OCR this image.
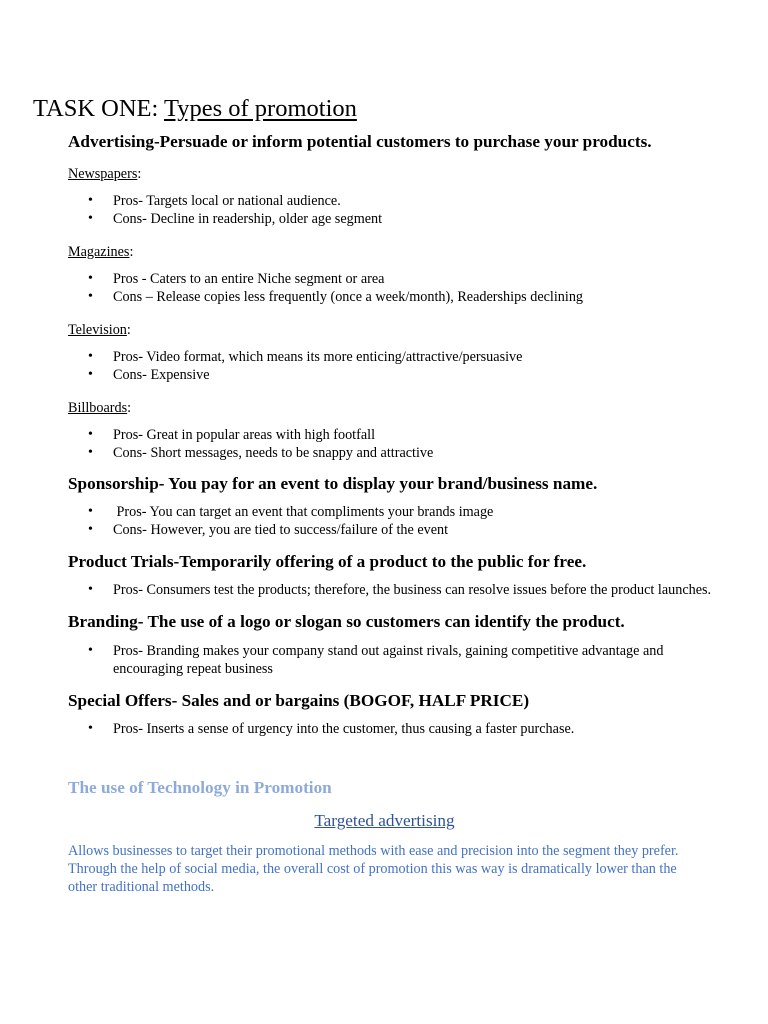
TASK ONE: Types of promotion

Advertising-Persuade or inform potential customers to purchase your products.

Newspapers:

• Pros- Targets local or national audience.
• Cons- Decline in readership, older age segment

Magazines:

• Pros - Caters to an entire Niche segment or area
• Cons – Release copies less frequently (once a week/month), Readerships declining

Television:

• Pros- Video format, which means its more enticing/attractive/persuasive
• Cons- Expensive

Billboards:

• Pros- Great in popular areas with high footfall
• Cons- Short messages, needs to be snappy and attractive

Sponsorship- You pay for an event to display your brand/business name.

• Pros- You can target an event that compliments your brands image
• Cons- However, you are tied to success/failure of the event

Product Trials-Temporarily offering of a product to the public for free.

• Pros- Consumers test the products; therefore, the business can resolve issues before the product launches.

Branding- The use of a logo or slogan so customers can identify the product.

• Pros- Branding makes your company stand out against rivals, gaining competitive advantage and encouraging repeat business

Special Offers- Sales and or bargains (BOGOF, HALF PRICE)

• Pros- Inserts a sense of urgency into the customer, thus causing a faster purchase.

The use of Technology in Promotion

Targeted advertising

Allows businesses to target their promotional methods with ease and precision into the segment they prefer. Through the help of social media, the overall cost of promotion this was way is dramatically lower than the other traditional methods.
